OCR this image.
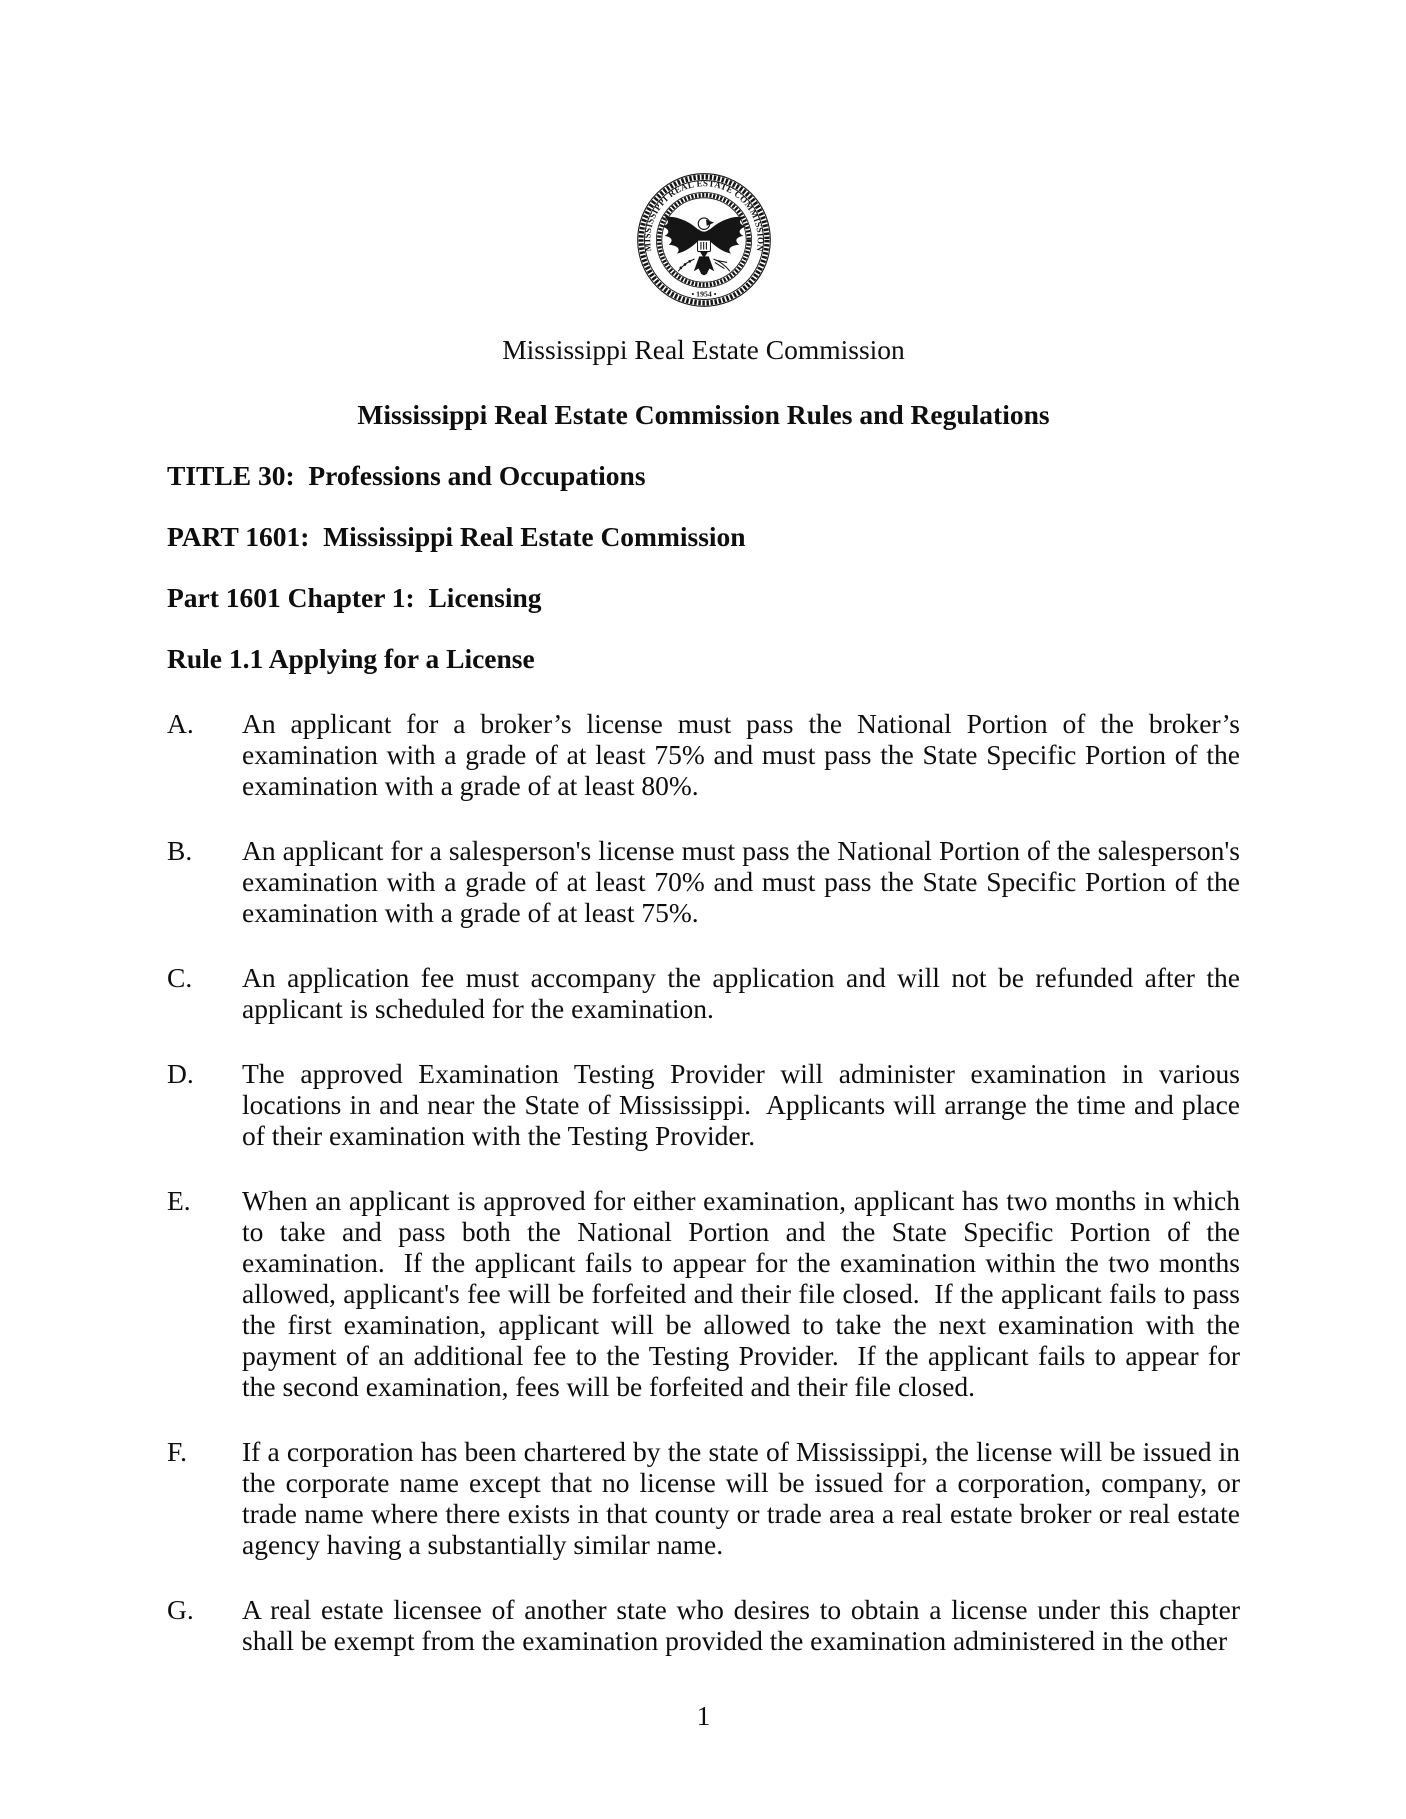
MISSISSIPPI REAL ESTATE COMMISSION
• 1954 •
Mississippi Real Estate Commission
Mississippi Real Estate Commission Rules and Regulations
TITLE 30:  Professions and Occupations
PART 1601:  Mississippi Real Estate Commission
Part 1601 Chapter 1:  Licensing
Rule 1.1 Applying for a License
A.	An applicant for a broker’s license must pass the National Portion of the broker’s examination with a grade of at least 75% and must pass the State Specific Portion of the examination with a grade of at least 80%.
B.	An applicant for a salesperson's license must pass the National Portion of the salesperson's examination with a grade of at least 70% and must pass the State Specific Portion of the examination with a grade of at least 75%.
C.	An application fee must accompany the application and will not be refunded after the applicant is scheduled for the examination.
D.	The approved Examination Testing Provider will administer examination in various locations in and near the State of Mississippi.  Applicants will arrange the time and place of their examination with the Testing Provider.
E.	When an applicant is approved for either examination, applicant has two months in which to take and pass both the National Portion and the State Specific Portion of the examination.  If the applicant fails to appear for the examination within the two months allowed, applicant's fee will be forfeited and their file closed.  If the applicant fails to pass the first examination, applicant will be allowed to take the next examination with the payment of an additional fee to the Testing Provider.  If the applicant fails to appear for the second examination, fees will be forfeited and their file closed.
F.	If a corporation has been chartered by the state of Mississippi, the license will be issued in the corporate name except that no license will be issued for a corporation, company, or trade name where there exists in that county or trade area a real estate broker or real estate agency having a substantially similar name.
G.	A real estate licensee of another state who desires to obtain a license under this chapter shall be exempt from the examination provided the examination administered in the other
1
